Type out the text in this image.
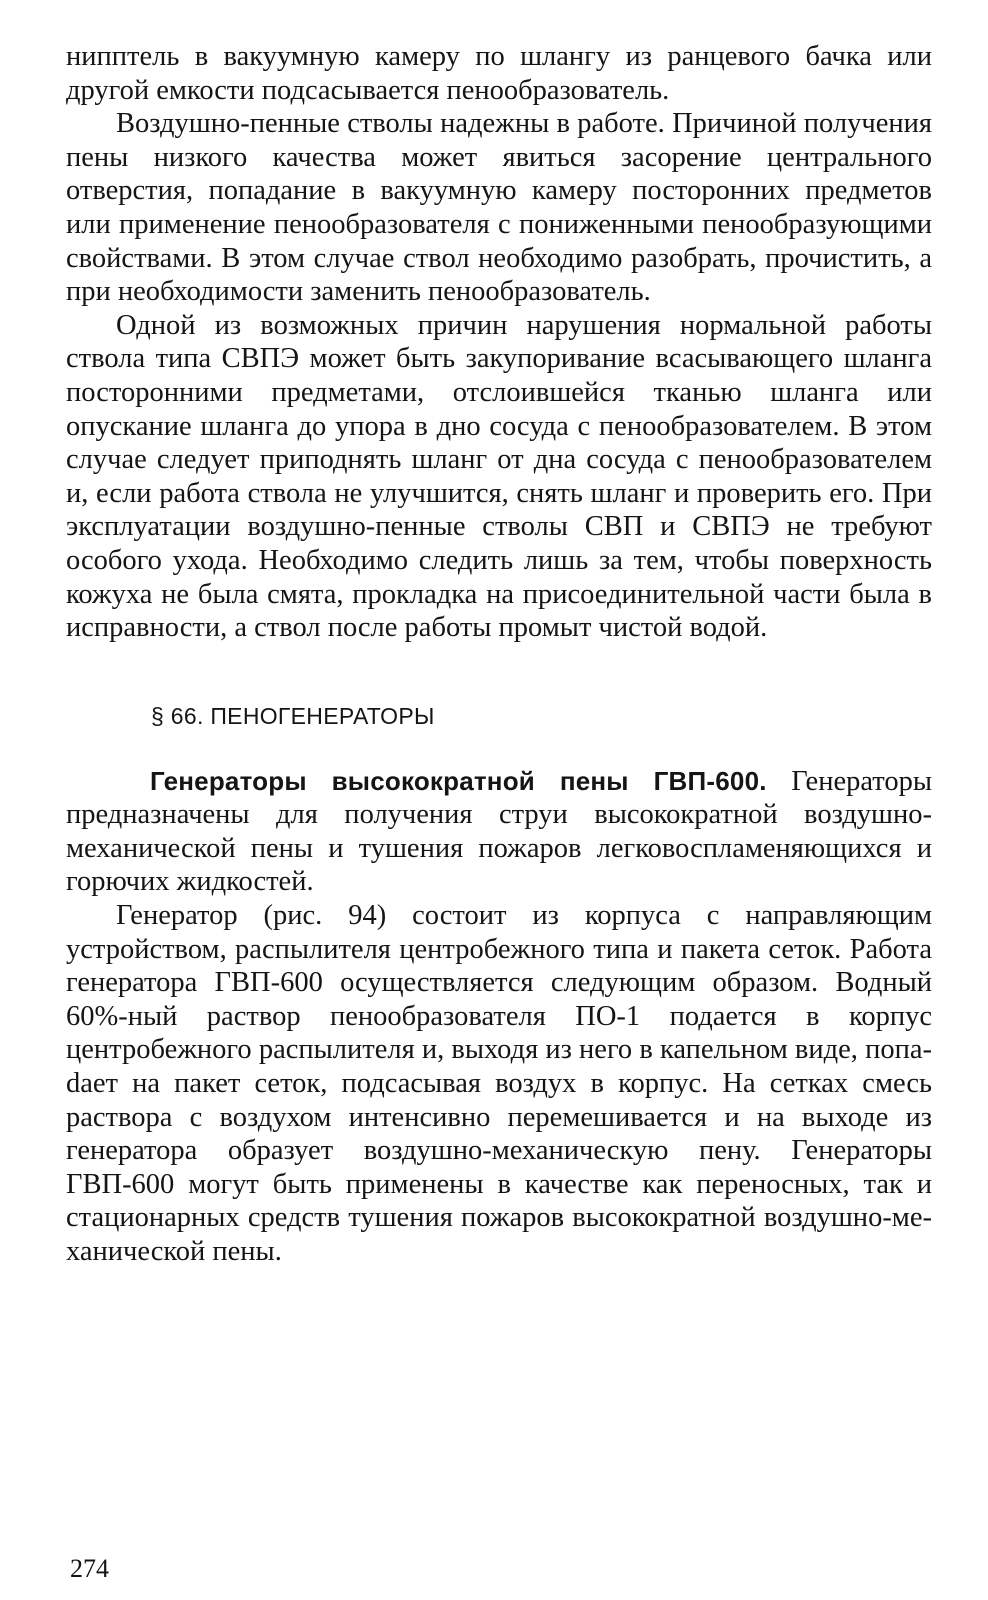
нипптель в вакуумную камеру по шлангу из ранцевого бачка или другой емкости подсасывается пенообразователь.

Воздушно-пенные стволы надежны в работе. Причиной получения пены низкого качества может явиться засорение центрального отверстия, попадание в вакуумную камеру посторонних предметов или применение пенообразователя с пониженными пенообразующими свойствами. В этом случае ствол необходимо разобрать, прочистить, а при необходимости заменить пенообразователь.

Одной из возможных причин нарушения нормальной работы ствола типа СВПЭ может быть закупоривание всасывающего шланга посторонними предметами, отслоившейся тканью шланга или опускание шланга до упора в дно сосуда с пенообразователем. В этом случае следует приподнять шланг от дна сосуда с пенообразователем и, если работа ствола не улучшится, снять шланг и проверить его. При эксплуатации воздушно-пенные стволы СВП и СВПЭ не требуют особого ухода. Необходимо следить лишь за тем, чтобы поверхность кожуха не была смята, прокладка на присоединительной части была в исправности, а ствол после работы промыт чистой водой.

§ 66. ПЕНОГЕНЕРАТОРЫ

Генераторы высокократной пены ГВП-600. Генераторы предназначены для получения струи высокократной воздушно-механической пены и тушения пожаров легковоспламеняющихся и горючих жидкостей.

Генератор (рис. 94) состоит из корпуса с направляющим устройством, распылителя центробежного типа и пакета сеток. Работа генератора ГВП-600 осуществляется следующим образом. Водный 60%-ный раствор пенообразователя ПО-1 подается в корпус центробежного распылителя и, выходя из него в капельном виде, попаdает на пакет сеток, подсасывая воздух в корпус. На сетках смесь раствора с воздухом интенсивно перемешивается и на выходе из генератора образует воздушно-механическую пену. Генераторы ГВП-600 могут быть применены в качестве как переносных, так и стационарных средств тушения пожаров высокократной воздушно-механической пены.

274
